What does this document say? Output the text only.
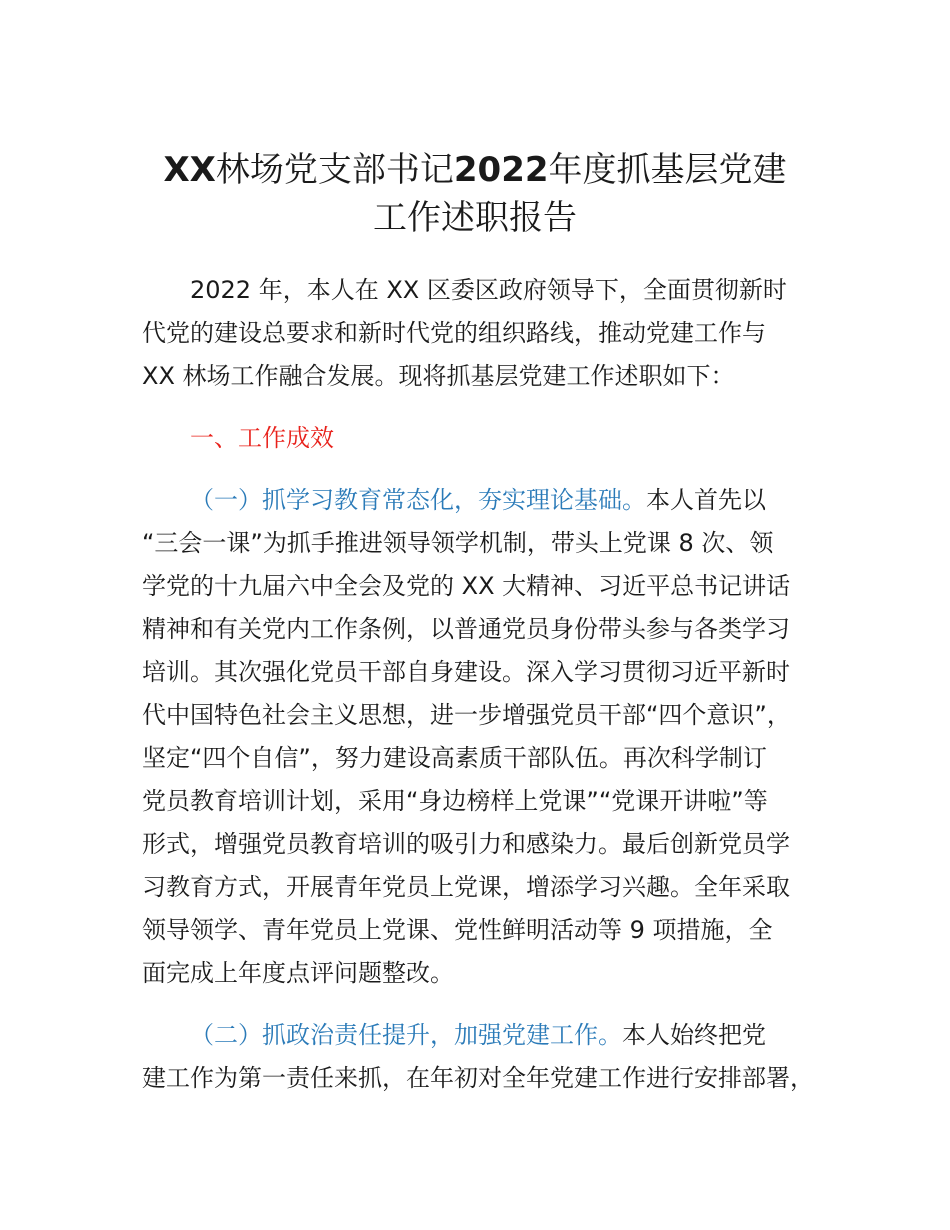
XX林场党支部书记2022年度抓基层党建
工作述职报告
2022 年，本人在 XX 区委区政府领导下，全面贯彻新时
代党的建设总要求和新时代党的组织路线，推动党建工作与
XX 林场工作融合发展。现将抓基层党建工作述职如下：
一、工作成效
（一）抓学习教育常态化，夯实理论基础。本人首先以
“三会一课”为抓手推进领导领学机制，带头上党课 8 次、领
学党的十九届六中全会及党的 XX 大精神、习近平总书记讲话
精神和有关党内工作条例，以普通党员身份带头参与各类学习
培训。其次强化党员干部自身建设。深入学习贯彻习近平新时
代中国特色社会主义思想，进一步增强党员干部“四个意识”，
坚定“四个自信”，努力建设高素质干部队伍。再次科学制订
党员教育培训计划，采用“身边榜样上党课”“党课开讲啦”等
形式，增强党员教育培训的吸引力和感染力。最后创新党员学
习教育方式，开展青年党员上党课，增添学习兴趣。全年采取
领导领学、青年党员上党课、党性鲜明活动等 9 项措施，全
面完成上年度点评问题整改。
（二）抓政治责任提升，加强党建工作。本人始终把党
建工作为第一责任来抓，在年初对全年党建工作进行安排部署，
